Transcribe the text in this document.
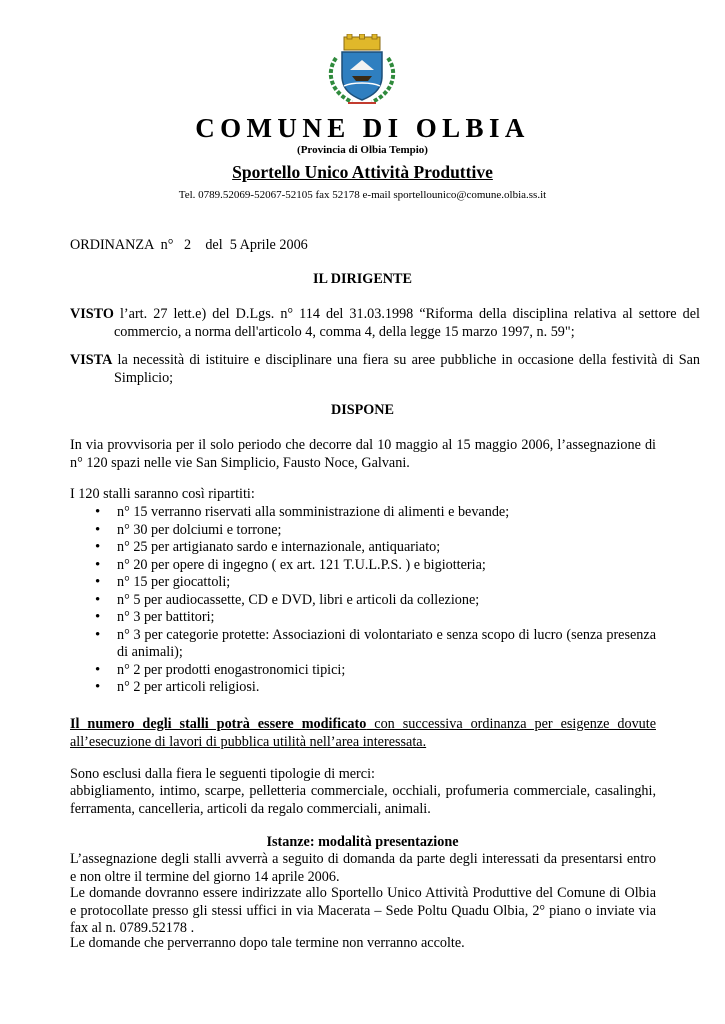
COMUNE DI OLBIA
(Provincia di Olbia Tempio)
Sportello Unico Attività Produttive
Tel. 0789.52069-52067-52105 fax 52178 e-mail sportellounico@comune.olbia.ss.it
ORDINANZA  n°   2    del  5 Aprile 2006
IL DIRIGENTE
VISTO l’art. 27 lett.e) del D.Lgs. n° 114 del 31.03.1998 “Riforma della disciplina relativa al settore del commercio, a norma dell'articolo 4, comma 4, della legge 15 marzo 1997, n. 59";
VISTA la necessità di istituire e disciplinare una fiera su aree pubbliche in occasione della festività di San Simplicio;
DISPONE
In via provvisoria per il solo periodo che decorre dal 10 maggio al 15 maggio 2006, l’assegnazione di n° 120 spazi nelle vie San Simplicio, Fausto Noce, Galvani.
I 120 stalli saranno così ripartiti:
• n° 15 verranno riservati alla somministrazione di alimenti e bevande;
• n° 30 per dolciumi e torrone;
• n° 25 per artigianato sardo e internazionale, antiquariato;
• n° 20 per opere di ingegno ( ex art. 121 T.U.L.P.S. ) e bigiotteria;
• n° 15 per giocattoli;
• n° 5 per audiocassette, CD e DVD, libri e articoli da collezione;
• n° 3 per battitori;
• n° 3 per categorie protette: Associazioni di volontariato e senza scopo di lucro (senza presenza di animali);
• n° 2 per prodotti enogastronomici tipici;
• n° 2 per articoli religiosi.
Il numero degli stalli potrà essere modificato con successiva ordinanza per esigenze dovute all’esecuzione di lavori di pubblica utilità nell’area interessata.
Sono esclusi dalla fiera le seguenti tipologie di merci:
abbigliamento, intimo, scarpe, pelletteria commerciale, occhiali, profumeria commerciale, casalinghi, ferramenta, cancelleria, articoli da regalo commerciali, animali.
Istanze: modalità presentazione
L’assegnazione degli stalli avverrà a seguito di domanda da parte degli interessati da presentarsi entro e non oltre il termine del giorno 14 aprile 2006.
Le domande dovranno essere indirizzate allo Sportello Unico Attività Produttive del Comune di Olbia e protocollate presso gli stessi uffici in via Macerata – Sede Poltu Quadu Olbia, 2° piano o inviate via fax al n. 0789.52178 .
Le domande che perverranno dopo tale termine non verranno accolte.
